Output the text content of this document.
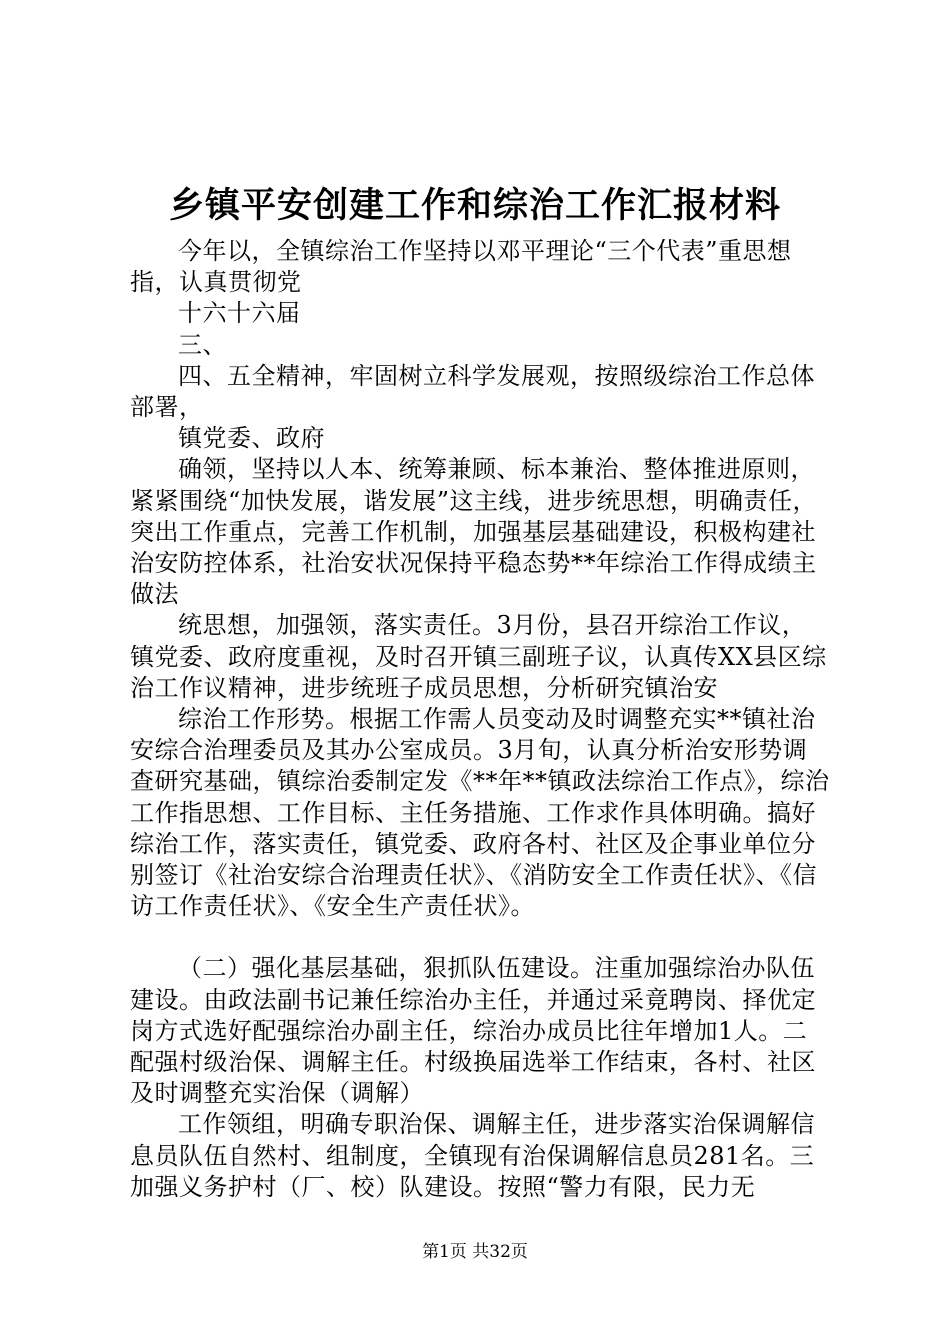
乡镇平安创建工作和综治工作汇报材料

今年以，全镇综治工作坚持以邓平理论“三个代表”重思想指，认真贯彻党

十六十六届

三、

四、五全精神，牢固树立科学发展观，按照级综治工作总体部署，

镇党委、政府

确领，坚持以人本、统筹兼顾、标本兼治、整体推进原则，紧紧围绕“加快发展，谐发展”这主线，进步统思想，明确责任，突出工作重点，完善工作机制，加强基层基础建设，积极构建社治安防控体系，社治安状况保持平稳态势**年综治工作得成绩主做法

统思想，加强领，落实责任。3月份，县召开综治工作议，镇党委、政府度重视，及时召开镇三副班子议，认真传XX县区综治工作议精神，进步统班子成员思想，分析研究镇治安

综治工作形势。根据工作需人员变动及时调整充实**镇社治安综合治理委员及其办公室成员。3月旬，认真分析治安形势调查研究基础，镇综治委制定发《**年**镇政法综治工作点》，综治工作指思想、工作目标、主任务措施、工作求作具体明确。搞好综治工作，落实责任，镇党委、政府各村、社区及企事业单位分别签订《社治安综合治理责任状》、《消防安全工作责任状》、《信访工作责任状》、《安全生产责任状》。

（二）强化基层基础，狠抓队伍建设。注重加强综治办队伍建设。由政法副书记兼任综治办主任，并通过采竟聘岗、择优定岗方式选好配强综治办副主任，综治办成员比往年增加1人。二配强村级治保、调解主任。村级换届选举工作结束，各村、社区及时调整充实治保（调解）

工作领组，明确专职治保、调解主任，进步落实治保调解信息员队伍自然村、组制度，全镇现有治保调解信息员281名。三加强义务护村（厂、校）队建设。按照“警力有限，民力无

第1页 共32页
